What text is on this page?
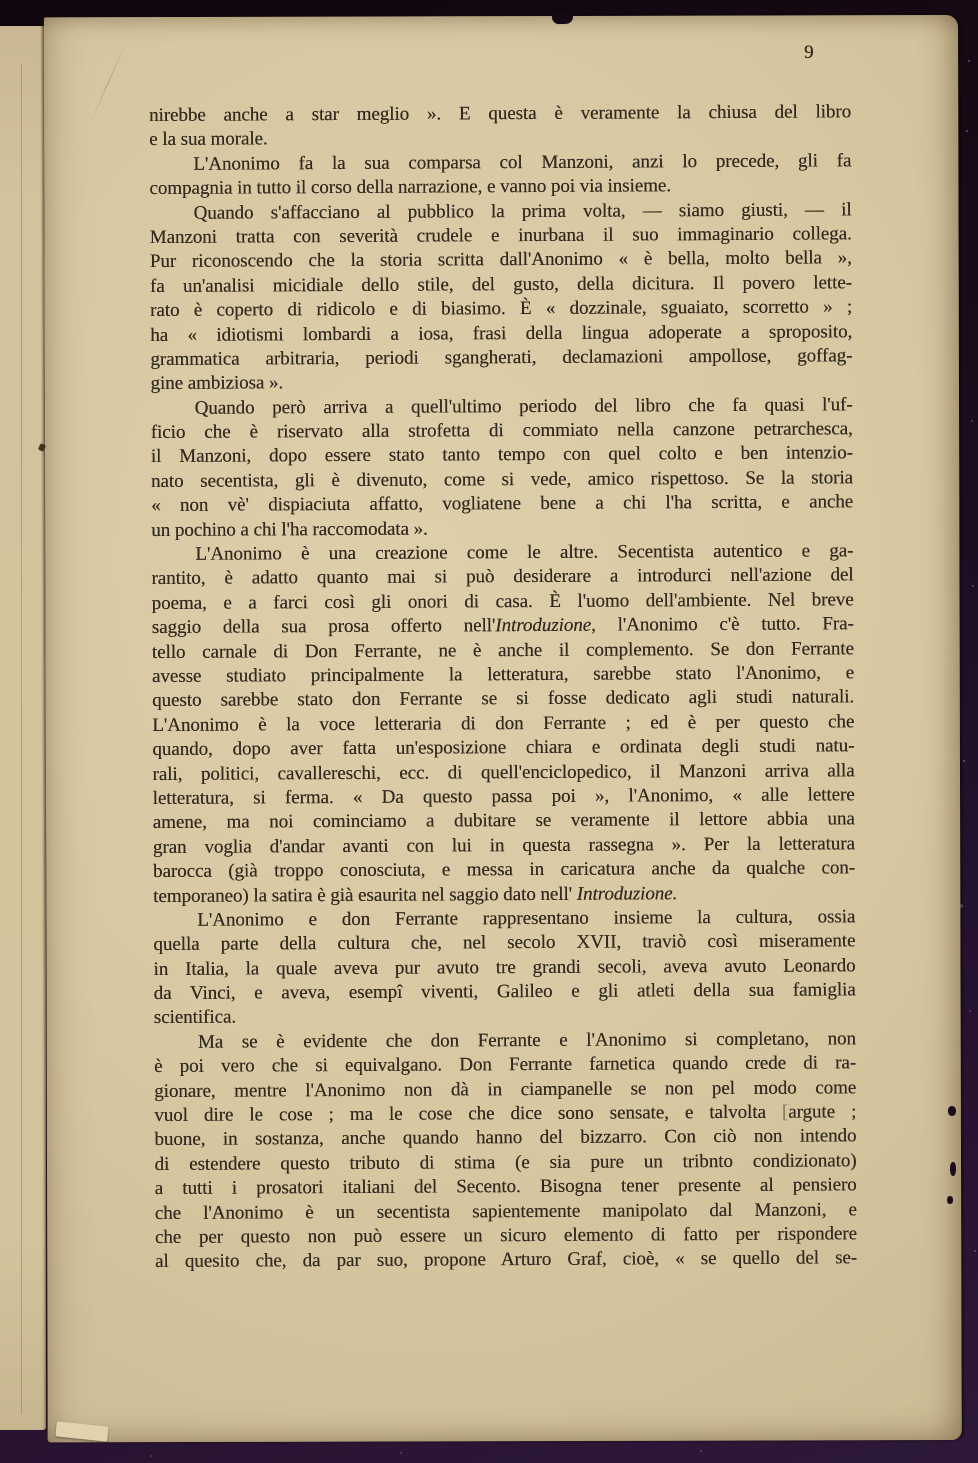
9
nirebbe anche a star meglio ». E questa è veramente la chiusa del libro
e la sua morale.
L'Anonimo fa la sua comparsa col Manzoni, anzi lo precede, gli fa
compagnia in tutto il corso della narrazione, e vanno poi via insieme.
Quando s'affacciano al pubblico la prima volta, — siamo giusti, — il
Manzoni tratta con severità crudele e inurbana il suo immaginario collega.
Pur riconoscendo che la storia scritta dall'Anonimo « è bella, molto bella »,
fa un'analisi micidiale dello stile, del gusto, della dicitura. Il povero lette-
rato è coperto di ridicolo e di biasimo. È « dozzinale, sguaiato, scorretto » ;
ha « idiotismi lombardi a iosa, frasi della lingua adoperate a sproposito,
grammatica arbitraria, periodi sgangherati, declamazioni ampollose, goffag-
gine ambiziosa ».
Quando però arriva a quell'ultimo periodo del libro che fa quasi l'uf-
ficio che è riservato alla strofetta di commiato nella canzone petrarchesca,
il Manzoni, dopo essere stato tanto tempo con quel colto e ben intenzio-
nato secentista, gli è divenuto, come si vede, amico rispettoso. Se la storia
« non vè' dispiaciuta affatto, vogliatene bene a chi l'ha scritta, e anche
un pochino a chi l'ha raccomodata ».
L'Anonimo è una creazione come le altre. Secentista autentico e ga-
rantito, è adatto quanto mai si può desiderare a introdurci nell'azione del
poema, e a farci così gli onori di casa. È l'uomo dell'ambiente. Nel breve
saggio della sua prosa offerto nell'Introduzione, l'Anonimo c'è tutto. Fra-
tello carnale di Don Ferrante, ne è anche il complemento. Se don Ferrante
avesse studiato principalmente la letteratura, sarebbe stato l'Anonimo, e
questo sarebbe stato don Ferrante se si fosse dedicato agli studi naturali.
L'Anonimo è la voce letteraria di don Ferrante ; ed è per questo che
quando, dopo aver fatta un'esposizione chiara e ordinata degli studi natu-
rali, politici, cavallereschi, ecc. di quell'enciclopedico, il Manzoni arriva alla
letteratura, si ferma. « Da questo passa poi », l'Anonimo, « alle lettere
amene, ma noi cominciamo a dubitare se veramente il lettore abbia una
gran voglia d'andar avanti con lui in questa rassegna ». Per la letteratura
barocca (già troppo conosciuta, e messa in caricatura anche da qualche con-
temporaneo) la satira è già esaurita nel saggio dato nell' Introduzione.
L'Anonimo e don Ferrante rappresentano insieme la cultura, ossia
quella parte della cultura che, nel secolo XVII, traviò così miseramente
in Italia, la quale aveva pur avuto tre grandi secoli, aveva avuto Leonardo
da Vinci, e aveva, esempî viventi, Galileo e gli atleti della sua famiglia
scientifica.
Ma se è evidente che don Ferrante e l'Anonimo si completano, non
è poi vero che si equivalgano. Don Ferrante farnetica quando crede di ra-
gionare, mentre l'Anonimo non dà in ciampanelle se non pel modo come
vuol dire le cose ; ma le cose che dice sono sensate, e talvolta [argute ;
buone, in sostanza, anche quando hanno del bizzarro. Con ciò non intendo
di estendere questo tributo di stima (e sia pure un tribnto condizionato)
a tutti i prosatori italiani del Secento. Bisogna tener presente al pensiero
che l'Anonimo è un secentista sapientemente manipolato dal Manzoni, e
che per questo non può essere un sicuro elemento di fatto per rispondere
al quesito che, da par suo, propone Arturo Graf, cioè, « se quello del se-
